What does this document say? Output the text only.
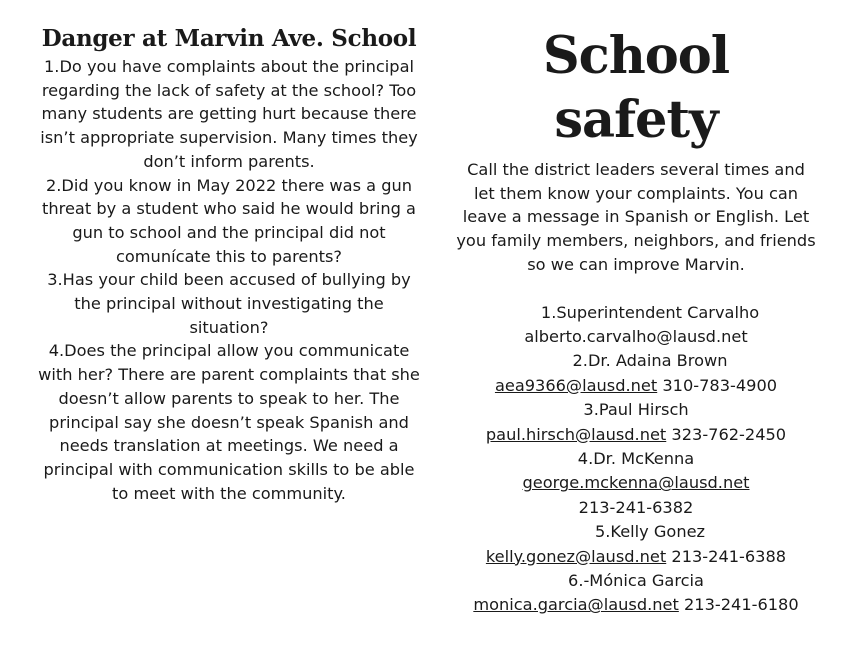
Danger at Marvin Ave. School

1.Do you have complaints about the principal regarding the lack of safety at the school? Too many students are getting hurt because there isn’t appropriate supervision. Many times they don’t inform parents.

2.Did you know in May 2022 there was a gun threat by a student who said he would bring a gun to school and the principal did not comunícate this to parents?

3.Has your child been accused of bullying by the principal without investigating the situation?

4.Does the principal allow you communicate with her? There are parent complaints that she doesn’t allow parents to speak to her. The principal say she doesn’t speak Spanish and needs translation at meetings. We need a principal with communication skills to be able to meet with the community.

School safety

Call the district leaders several times and let them know your complaints. You can leave a message in Spanish or English. Let you family members, neighbors, and friends so we can improve Marvin.

1.Superintendent Carvalho
alberto.carvalho@lausd.net
2.Dr. Adaina Brown
aea9366@lausd.net 310-783-4900
3.Paul Hirsch
paul.hirsch@lausd.net 323-762-2450
4.Dr. McKenna
george.mckenna@lausd.net
213-241-6382
5.Kelly Gonez
kelly.gonez@lausd.net 213-241-6388
6.-Mónica Garcia
monica.garcia@lausd.net 213-241-6180
